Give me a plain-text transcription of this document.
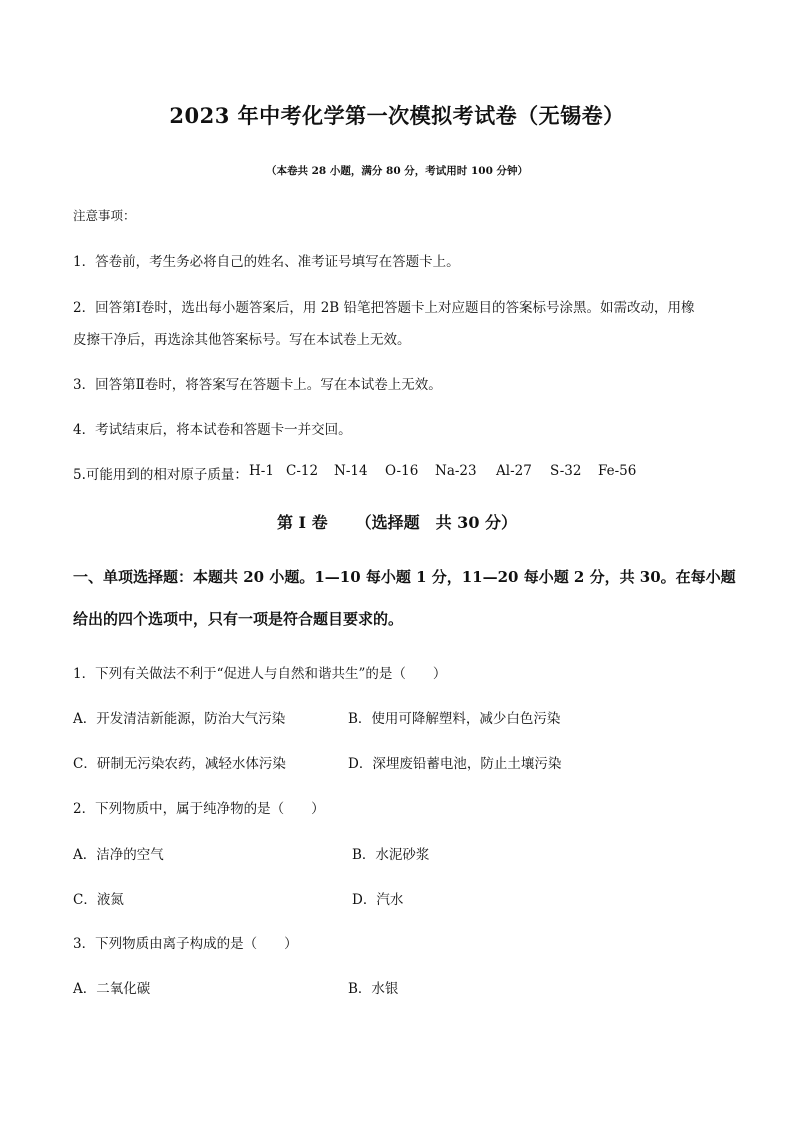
2023 年中考化学第一次模拟考试卷（无锡卷）
（本卷共 28 小题，满分 80 分，考试用时 100 分钟）
注意事项：
1．答卷前，考生务必将自己的姓名、准考证号填写在答题卡上。
2．回答第Ⅰ卷时，选出每小题答案后，用 2B 铅笔把答题卡上对应题目的答案标号涂黑。如需改动，用橡
皮擦干净后，再选涂其他答案标号。写在本试卷上无效。
3．回答第Ⅱ卷时，将答案写在答题卡上。写在本试卷上无效。
4．考试结束后，将本试卷和答题卡一并交回。
5.可能用到的相对原子质量： H-1 C-12 N-14 O-16 Na-23 Al-27 S-32 Fe-56
第 I 卷 （选择题　共 30 分）
一、单项选择题：本题共 20 小题。1—10 每小题 1 分，11—20 每小题 2 分，共 30。在每小题
给出的四个选项中，只有一项是符合题目要求的。
1．下列有关做法不利于“促进人与自然和谐共生”的是（　　）
A．开发清洁新能源，防治大气污染	B．使用可降解塑料，减少白色污染
C．研制无污染农药，减轻水体污染	D．深埋废铅蓄电池，防止土壤污染
2．下列物质中，属于纯净物的是（　　）
A．洁净的空气	B．水泥砂浆
C．液氮	D．汽水
3．下列物质由离子构成的是（　　）
A．二氧化碳	B．水银
